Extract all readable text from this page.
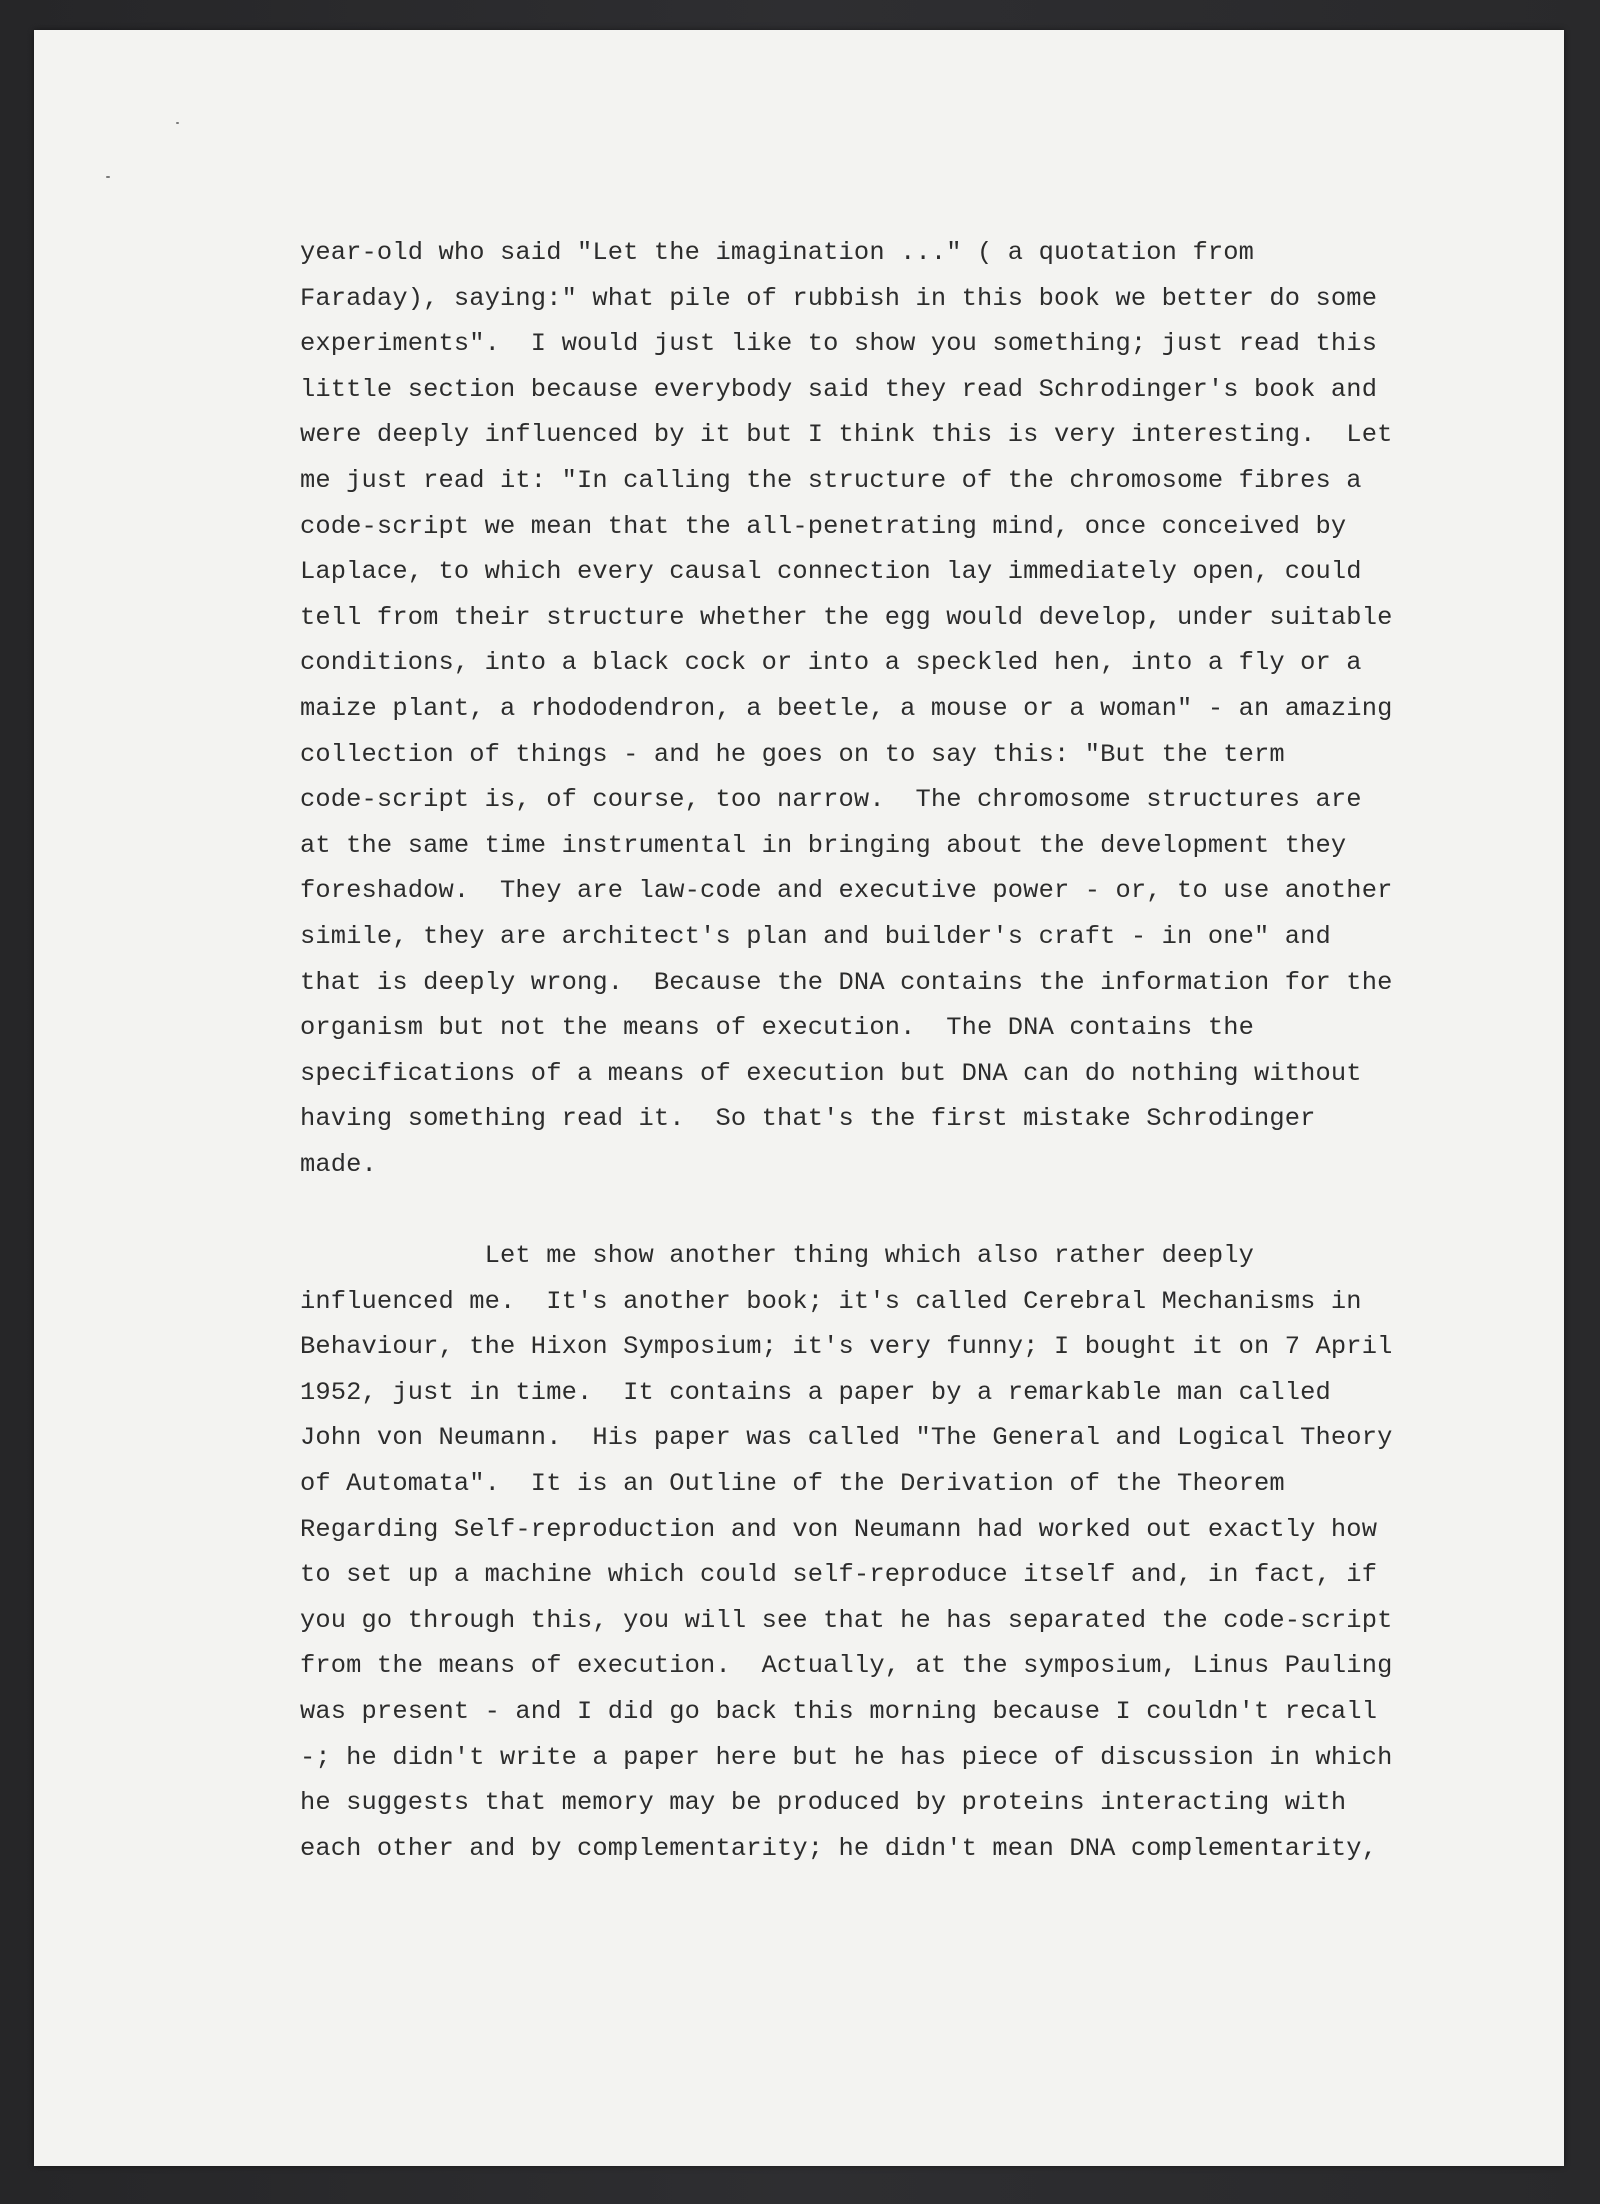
year-old who said "Let the imagination ..." ( a quotation from
Faraday), saying:" what pile of rubbish in this book we better do some
experiments".  I would just like to show you something; just read this
little section because everybody said they read Schrodinger's book and
were deeply influenced by it but I think this is very interesting.  Let
me just read it: "In calling the structure of the chromosome fibres a
code-script we mean that the all-penetrating mind, once conceived by
Laplace, to which every causal connection lay immediately open, could
tell from their structure whether the egg would develop, under suitable
conditions, into a black cock or into a speckled hen, into a fly or a
maize plant, a rhododendron, a beetle, a mouse or a woman" - an amazing
collection of things - and he goes on to say this: "But the term
code-script is, of course, too narrow.  The chromosome structures are
at the same time instrumental in bringing about the development they
foreshadow.  They are law-code and executive power - or, to use another
simile, they are architect's plan and builder's craft - in one" and
that is deeply wrong.  Because the DNA contains the information for the
organism but not the means of execution.  The DNA contains the
specifications of a means of execution but DNA can do nothing without
having something read it.  So that's the first mistake Schrodinger
made.
Let me show another thing which also rather deeply
influenced me.  It's another book; it's called Cerebral Mechanisms in
Behaviour, the Hixon Symposium; it's very funny; I bought it on 7 April
1952, just in time.  It contains a paper by a remarkable man called
John von Neumann.  His paper was called "The General and Logical Theory
of Automata".  It is an Outline of the Derivation of the Theorem
Regarding Self-reproduction and von Neumann had worked out exactly how
to set up a machine which could self-reproduce itself and, in fact, if
you go through this, you will see that he has separated the code-script
from the means of execution.  Actually, at the symposium, Linus Pauling
was present - and I did go back this morning because I couldn't recall
-; he didn't write a paper here but he has piece of discussion in which
he suggests that memory may be produced by proteins interacting with
each other and by complementarity; he didn't mean DNA complementarity,
